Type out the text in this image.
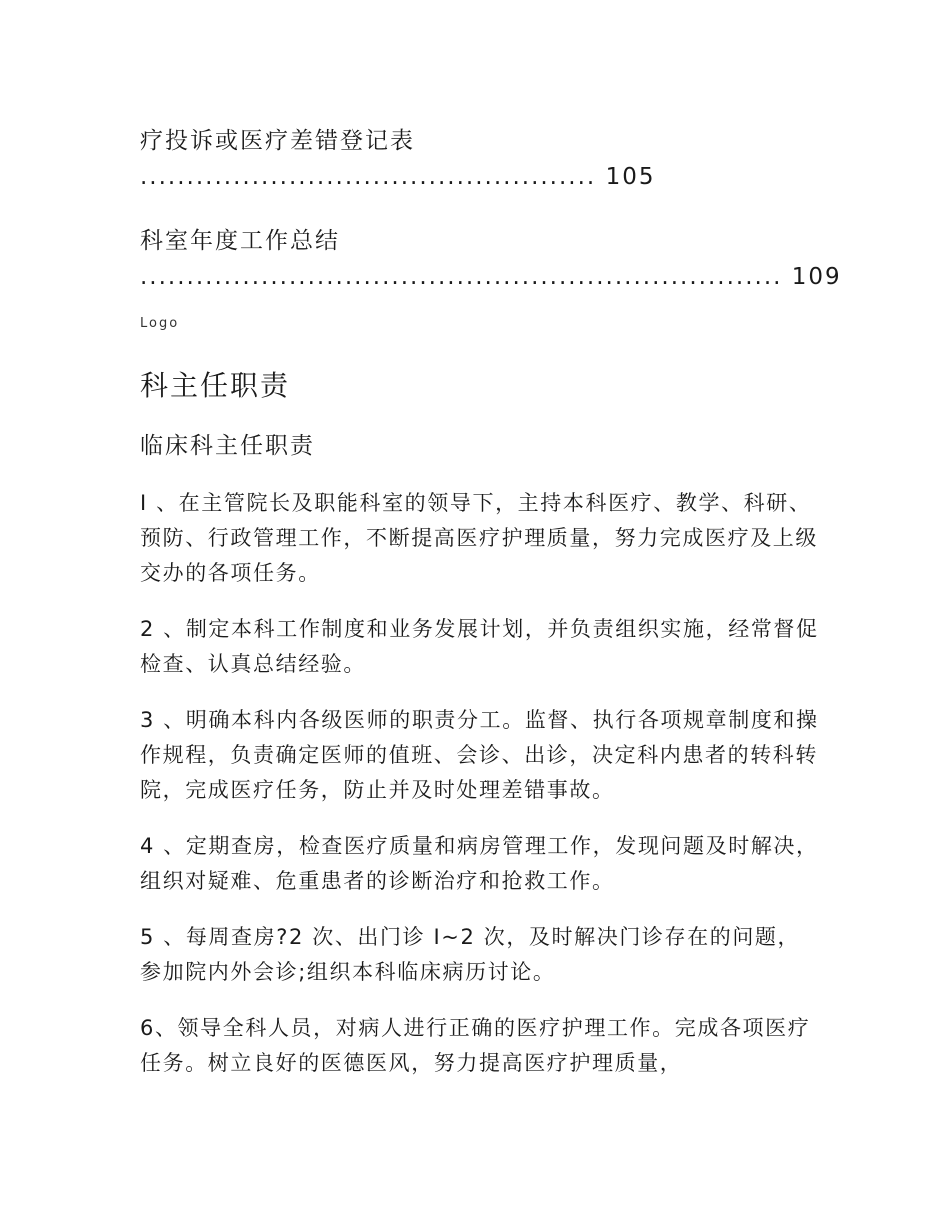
疗投诉或医疗差错登记表
................................................. 105
科室年度工作总结
..................................................................... 109
Logo
科主任职责
临床科主任职责

I 、在主管院长及职能科室的领导下，主持本科医疗、教学、科研、预防、行政管理工作，不断提高医疗护理质量，努力完成医疗及上级交办的各项任务。

2 、制定本科工作制度和业务发展计划，并负责组织实施，经常督促检查、认真总结经验。

3 、明确本科内各级医师的职责分工。监督、执行各项规章制度和操作规程，负责确定医师的值班、会诊、出诊，决定科内患者的转科转院，完成医疗任务，防止并及时处理差错事故。

4 、定期查房，检查医疗质量和病房管理工作，发现问题及时解决，组织对疑难、危重患者的诊断治疗和抢救工作。

5 、每周查房?2 次、出门诊 I~2 次，及时解决门诊存在的问题，参加院内外会诊;组织本科临床病历讨论。

6、领导全科人员，对病人进行正确的医疗护理工作。完成各项医疗任务。树立良好的医德医风，努力提高医疗护理质量，
